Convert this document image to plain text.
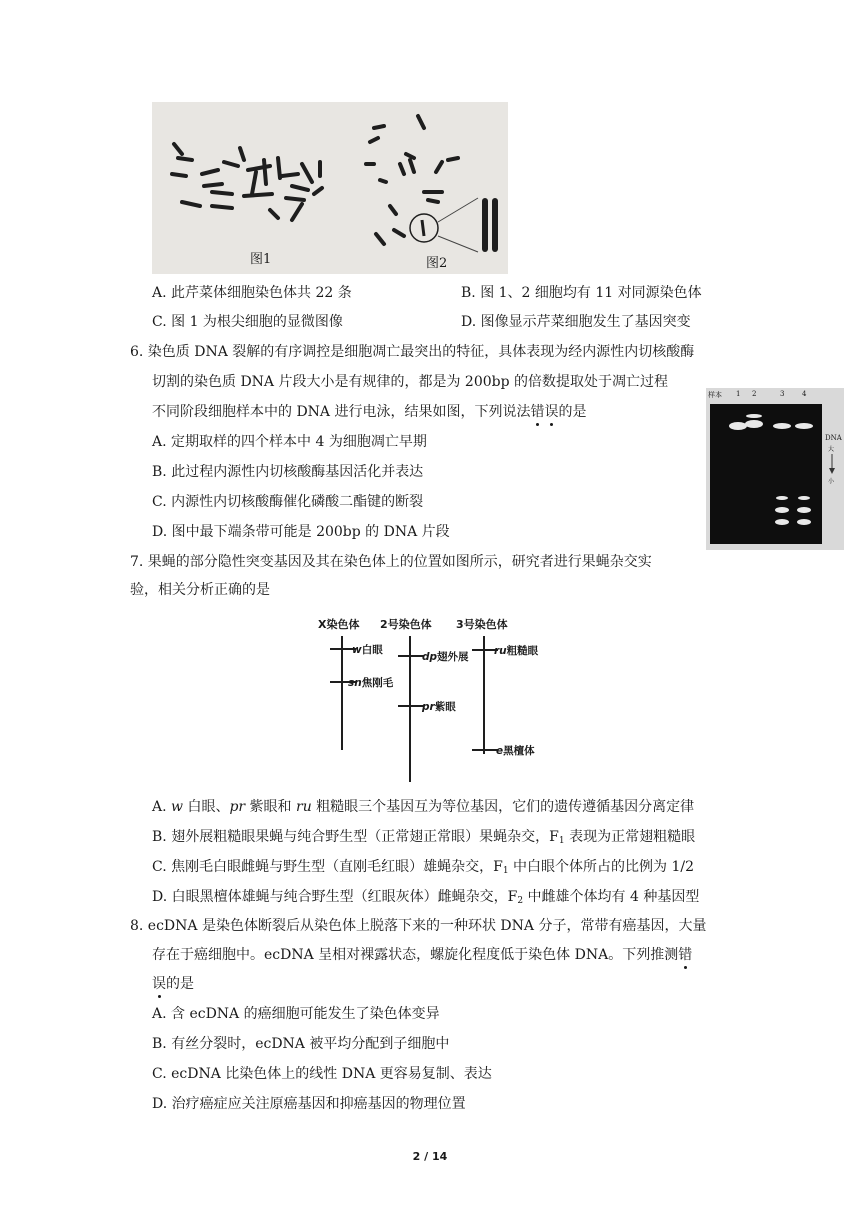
图1	图2
A. 此芹菜体细胞染色体共 22 条	B. 图 1、2 细胞均有 11 对同源染色体
C. 图 1 为根尖细胞的显微图像	D. 图像显示芹菜细胞发生了基因突变
6. 染色质 DNA 裂解的有序调控是细胞凋亡最突出的特征，具体表现为经内源性内切核酸酶
切割的染色质 DNA 片段大小是有规律的，都是为 200bp 的倍数提取处于凋亡过程
不同阶段细胞样本中的 DNA 进行电泳，结果如图，下列说法错误的是
A. 定期取样的四个样本中 4 为细胞凋亡早期
B. 此过程内源性内切核酸酶基因活化并表达
C. 内源性内切核酸酶催化磷酸二酯键的断裂
D. 图中最下端条带可能是 200bp 的 DNA 片段
样本 1 2	3	4
DNA
大
小
7. 果蝇的部分隐性突变基因及其在染色体上的位置如图所示，研究者进行果蝇杂交实
验，相关分析正确的是
X染色体 2号染色体 3号染色体
w白眼
sn焦刚毛
dp翅外展
pr紫眼
ru粗糙眼
e黑檀体
A. w 白眼、pr 紫眼和 ru 粗糙眼三个基因互为等位基因，它们的遗传遵循基因分离定律
B. 翅外展粗糙眼果蝇与纯合野生型（正常翅正常眼）果蝇杂交，$F_1$ 表现为正常翅粗糙眼
C. 焦刚毛白眼雌蝇与野生型（直刚毛红眼）雄蝇杂交，$F_1$ 中白眼个体所占的比例为 1/2
D. 白眼黑檀体雄蝇与纯合野生型（红眼灰体）雌蝇杂交，$F_2$ 中雌雄个体均有 4 种基因型
8. ecDNA 是染色体断裂后从染色体上脱落下来的一种环状 DNA 分子，常带有癌基因，大量
存在于癌细胞中。ecDNA 呈相对裸露状态，螺旋化程度低于染色体 DNA。下列推测错
误的是
A. 含 ecDNA 的癌细胞可能发生了染色体变异
B. 有丝分裂时，ecDNA 被平均分配到子细胞中
C. ecDNA 比染色体上的线性 DNA 更容易复制、表达
D. 治疗癌症应关注原癌基因和抑癌基因的物理位置
2 / 14
